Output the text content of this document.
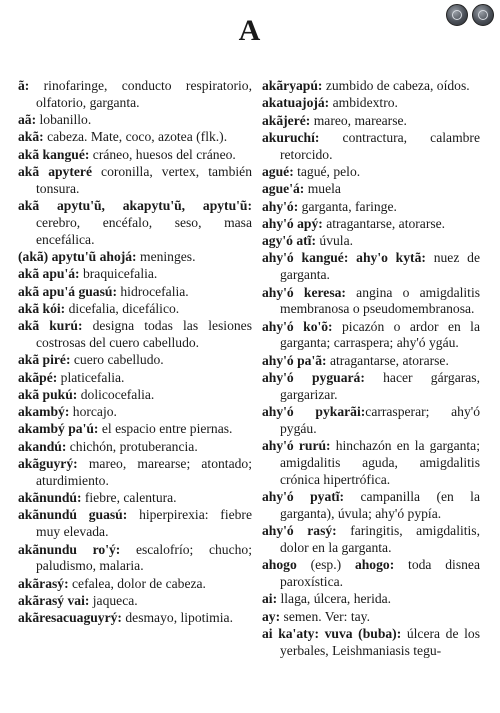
A

ã: rinofaringe, conducto respiratorio, olfatorio, garganta.

aã: lobanillo.

akã: cabeza. Mate, coco, azotea (flk.).

akã kangué: cráneo, huesos del cráneo.

akã apyteré coronilla, vertex, también tonsura.

akã apytu'ũ, akapytu'ũ, apytu'ũ: cerebro, encéfalo, seso, masa encefálica.

(akã) apytu'ũ ahojá: meninges.

akã apu'á: braquicefalia.

akã apu'á guasú: hidrocefalia.

akã kói: dicefalia, dicefálico.

akã kurú: designa todas las lesiones costrosas del cuero cabelludo.

akã piré: cuero cabelludo.

akãpé: platicefalia.

akã pukú: dolicocefalia.

akambý: horcajo.

akambý pa'ú: el espacio entre piernas.

akandú: chichón, protuberancia.

akãguyrý: mareo, marearse; atontado; aturdimiento.

akãnundú: fiebre, calentura.

akãnundú guasú: hiperpirexia: fiebre muy elevada.

akãnundu ro'ý: escalofrío; chucho; paludismo, malaria.

akãrasý: cefalea, dolor de cabeza.

akãrasý vai: jaqueca.

akãresacuaguyrý: desmayo, lipotimia.

akãryapú: zumbido de cabeza, oídos.

akatuajojá: ambidextro.

akãjeré: mareo, marearse.

akuruchí: contractura, calambre retorcido.

agué: tagué, pelo.

ague'á: muela

ahy'ó: garganta, faringe.

ahy'ó apý: atragantarse, atorarse.

agy'ó atĩ: úvula.

ahy'ó kangué: ahy'o kytã: nuez de garganta.

ahy'ó keresa: angina o amigdalitis membranosa o pseudomembranosa.

ahy'ó ko'õ: picazón o ardor en la garganta; carraspera; ahy'ó ygáu.

ahy'ó pa'ã: atragantarse, atorarse.

ahy'ó pyguará: hacer gárgaras, gargarizar.

ahy'ó pykarãi:carrasperar; ahy'ó pygáu.

ahy'ó rurú: hinchazón en la garganta; amigdalitis aguda, amigdalitis crónica hipertrófica.

ahy'ó pyatĩ: campanilla (en la garganta), úvula; ahy'ó pypía.

ahy'ó rasý: faringitis, amigdalitis, dolor en la garganta.

ahogo (esp.) ahogo: toda disnea paroxística.

ai: llaga, úlcera, herida.

ay: semen. Ver: tay.

ai ka'aty: vuva (buba): úlcera de los yerbales, Leishmaniasis tegu-
